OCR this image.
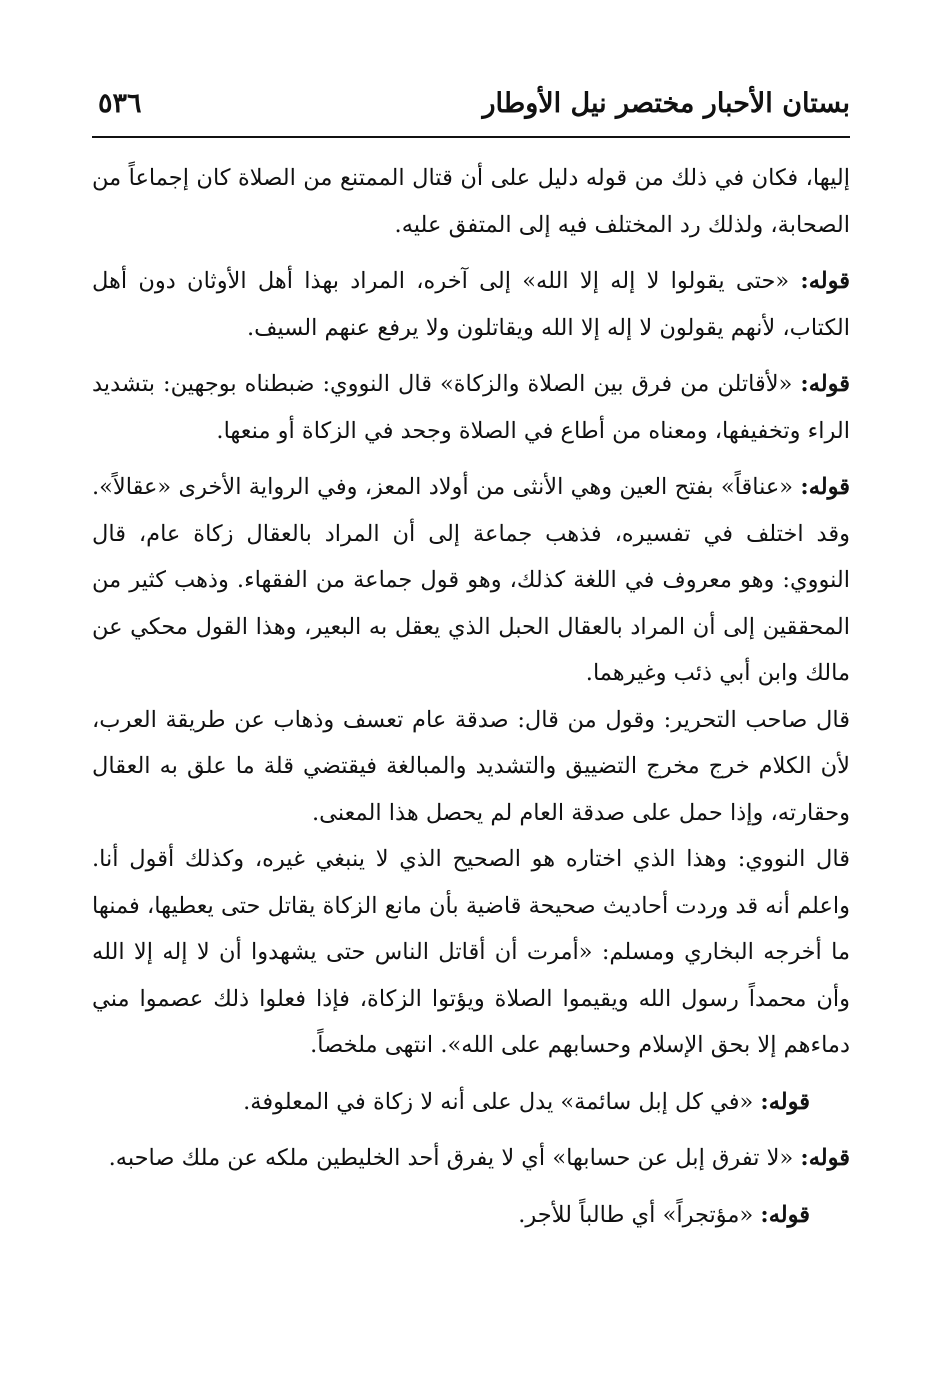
بستان الأحبار مختصر نيل الأوطار
٥٣٦

إليها، فكان في ذلك من قوله دليل على أن قتال الممتنع من الصلاة كان إجماعاً من الصحابة، ولذلك رد المختلف فيه إلى المتفق عليه.

قوله: «حتى يقولوا لا إله إلا الله» إلى آخره، المراد بهذا أهل الأوثان دون أهل الكتاب، لأنهم يقولون لا إله إلا الله ويقاتلون ولا يرفع عنهم السيف.

قوله: «لأقاتلن من فرق بين الصلاة والزكاة» قال النووي: ضبطناه بوجهين: بتشديد الراء وتخفيفها، ومعناه من أطاع في الصلاة وجحد في الزكاة أو منعها.

قوله: «عناقاً» بفتح العين وهي الأنثى من أولاد المعز، وفي الرواية الأخرى «عقالاً». وقد اختلف في تفسيره، فذهب جماعة إلى أن المراد بالعقال زكاة عام، قال النووي: وهو معروف في اللغة كذلك، وهو قول جماعة من الفقهاء. وذهب كثير من المحققين إلى أن المراد بالعقال الحبل الذي يعقل به البعير، وهذا القول محكي عن مالك وابن أبي ذئب وغيرهما.

قال صاحب التحرير: وقول من قال: صدقة عام تعسف وذهاب عن طريقة العرب، لأن الكلام خرج مخرج التضييق والتشديد والمبالغة فيقتضي قلة ما علق به العقال وحقارته، وإذا حمل على صدقة العام لم يحصل هذا المعنى.

قال النووي: وهذا الذي اختاره هو الصحيح الذي لا ينبغي غيره، وكذلك أقول أنا. واعلم أنه قد وردت أحاديث صحيحة قاضية بأن مانع الزكاة يقاتل حتى يعطيها، فمنها ما أخرجه البخاري ومسلم: «أمرت أن أقاتل الناس حتى يشهدوا أن لا إله إلا الله وأن محمداً رسول الله ويقيموا الصلاة ويؤتوا الزكاة، فإذا فعلوا ذلك عصموا مني دماءهم إلا بحق الإسلام وحسابهم على الله». انتهى ملخصاً.

قوله: «في كل إبل سائمة» يدل على أنه لا زكاة في المعلوفة.

قوله: «لا تفرق إبل عن حسابها» أي لا يفرق أحد الخليطين ملكه عن ملك صاحبه.

قوله: «مؤتجراً» أي طالباً للأجر.
